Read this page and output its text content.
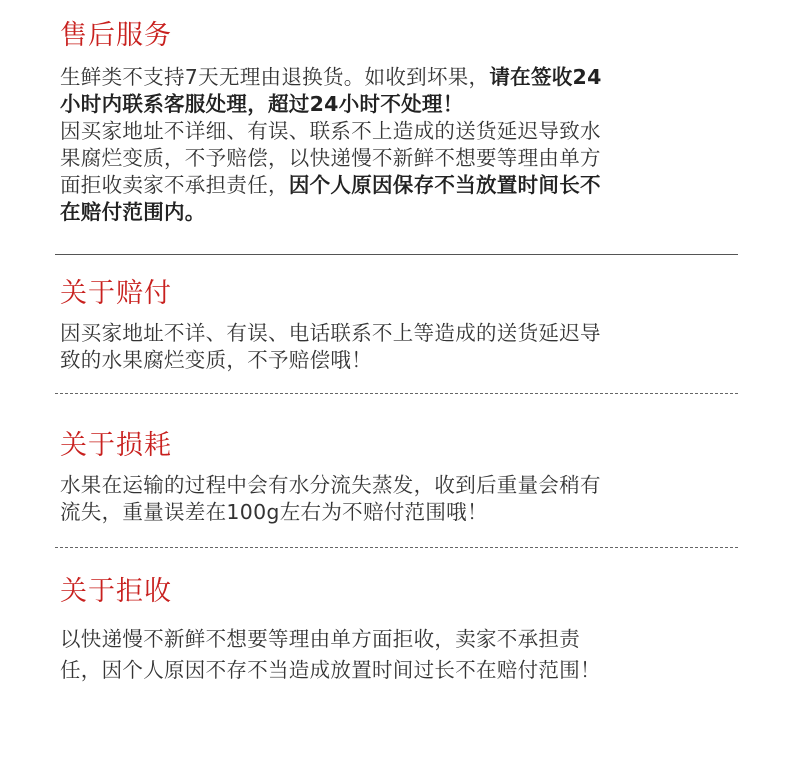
售后服务
生鲜类不支持7天无理由退换货。如收到坏果，请在签收24
小时内联系客服处理，超过24小时不处理！
因买家地址不详细、有误、联系不上造成的送货延迟导致水
果腐烂变质，不予赔偿，以快递慢不新鲜不想要等理由单方
面拒收卖家不承担责任，因个人原因保存不当放置时间长不
在赔付范围内。
关于赔付
因买家地址不详、有误、电话联系不上等造成的送货延迟导
致的水果腐烂变质，不予赔偿哦！
关于损耗
水果在运输的过程中会有水分流失蒸发，收到后重量会稍有
流失，重量误差在100g左右为不赔付范围哦！
关于拒收
以快递慢不新鲜不想要等理由单方面拒收，卖家不承担责
任，因个人原因不存不当造成放置时间过长不在赔付范围！
